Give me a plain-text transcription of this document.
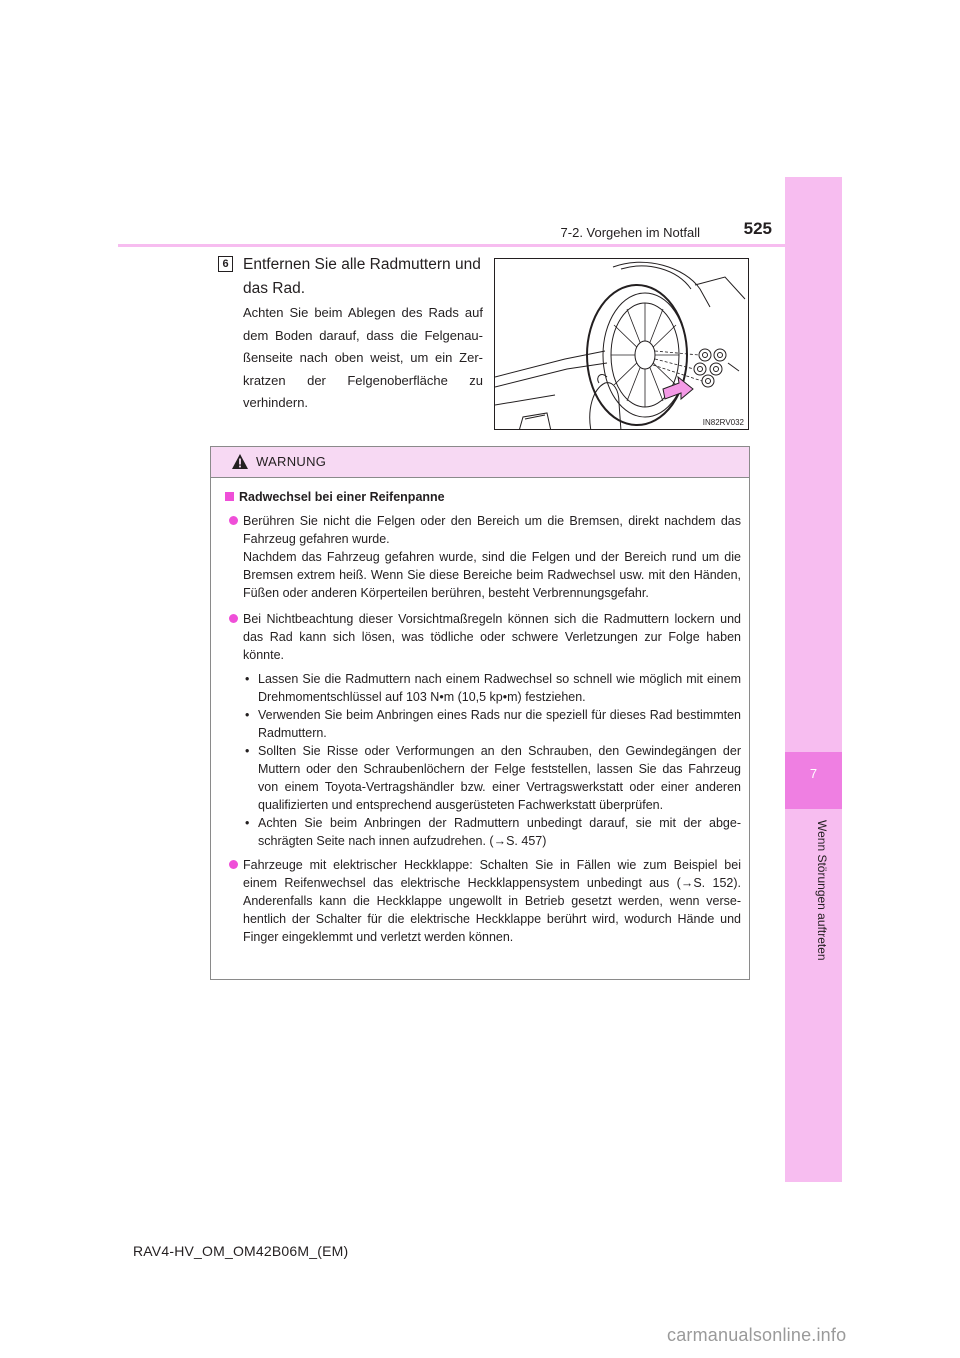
7
Wenn Störungen auftreten
7-2. Vorgehen im Notfall	525
6 Entfernen Sie alle Radmuttern und das Rad.

Achten Sie beim Ablegen des Rads auf dem Boden darauf, dass die Felgenaußenseite nach oben weist, um ein Zerkratzen der Felgenoberfläche zu verhindern.

IN82RV032
WARNUNG
Radwechsel bei einer Reifenpanne
Berühren Sie nicht die Felgen oder den Bereich um die Bremsen, direkt nachdem das Fahrzeug gefahren wurde.
Nachdem das Fahrzeug gefahren wurde, sind die Felgen und der Bereich rund um die Bremsen extrem heiß. Wenn Sie diese Bereiche beim Radwechsel usw. mit den Händen, Füßen oder anderen Körperteilen berühren, besteht Verbrennungsgefahr.
Bei Nichtbeachtung dieser Vorsichtmaßregeln können sich die Radmuttern lockern und das Rad kann sich lösen, was tödliche oder schwere Verletzungen zur Folge haben könnte.
• Lassen Sie die Radmuttern nach einem Radwechsel so schnell wie möglich mit einem Drehmomentschlüssel auf 103 N•m (10,5 kp•m) festziehen.
• Verwenden Sie beim Anbringen eines Rads nur die speziell für dieses Rad bestimmten Radmuttern.
• Sollten Sie Risse oder Verformungen an den Schrauben, den Gewindegängen der Muttern oder den Schraubenlöchern der Felge feststellen, lassen Sie das Fahrzeug von einem Toyota-Vertragshändler bzw. einer Vertragswerkstatt oder einer anderen qualifizierten und entsprechend ausgerüsteten Fachwerkstatt überprüfen.
• Achten Sie beim Anbringen der Radmuttern unbedingt darauf, sie mit der abgeschrägten Seite nach innen aufzudrehen. (→S. 457)
Fahrzeuge mit elektrischer Heckklappe: Schalten Sie in Fällen wie zum Beispiel bei einem Reifenwechsel das elektrische Heckklappensystem unbedingt aus (→S. 152). Anderenfalls kann die Heckklappe ungewollt in Betrieb gesetzt werden, wenn versehentlich der Schalter für die elektrische Heckklappe berührt wird, wodurch Hände und Finger eingeklemmt und verletzt werden können.
RAV4-HV_OM_OM42B06M_(EM)
carmanualsonline.info
